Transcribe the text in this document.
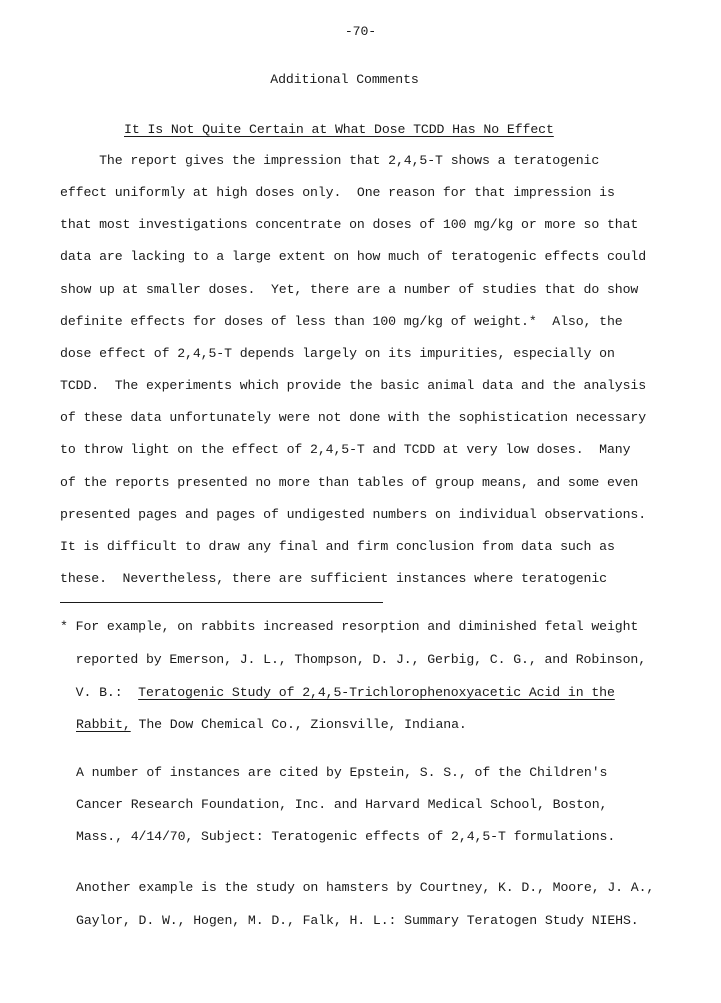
-70-
Additional Comments
It Is Not Quite Certain at What Dose TCDD Has No Effect
The report gives the impression that 2,4,5-T shows a teratogenic
effect uniformly at high doses only.  One reason for that impression is
that most investigations concentrate on doses of 100 mg/kg or more so that
data are lacking to a large extent on how much of teratogenic effects could
show up at smaller doses.  Yet, there are a number of studies that do show
definite effects for doses of less than 100 mg/kg of weight.*  Also, the
dose effect of 2,4,5-T depends largely on its impurities, especially on
TCDD.  The experiments which provide the basic animal data and the analysis
of these data unfortunately were not done with the sophistication necessary
to throw light on the effect of 2,4,5-T and TCDD at very low doses.  Many
of the reports presented no more than tables of group means, and some even
presented pages and pages of undigested numbers on individual observations.
It is difficult to draw any final and firm conclusion from data such as
these.  Nevertheless, there are sufficient instances where teratogenic
* For example, on rabbits increased resorption and diminished fetal weight
reported by Emerson, J. L., Thompson, D. J., Gerbig, C. G., and Robinson,
V. B.:  Teratogenic Study of 2,4,5-Trichlorophenoxyacetic Acid in the
Rabbit, The Dow Chemical Co., Zionsville, Indiana.
A number of instances are cited by Epstein, S. S., of the Children's
Cancer Research Foundation, Inc. and Harvard Medical School, Boston,
Mass., 4/14/70, Subject: Teratogenic effects of 2,4,5-T formulations.
Another example is the study on hamsters by Courtney, K. D., Moore, J. A.,
Gaylor, D. W., Hogen, M. D., Falk, H. L.: Summary Teratogen Study NIEHS.
